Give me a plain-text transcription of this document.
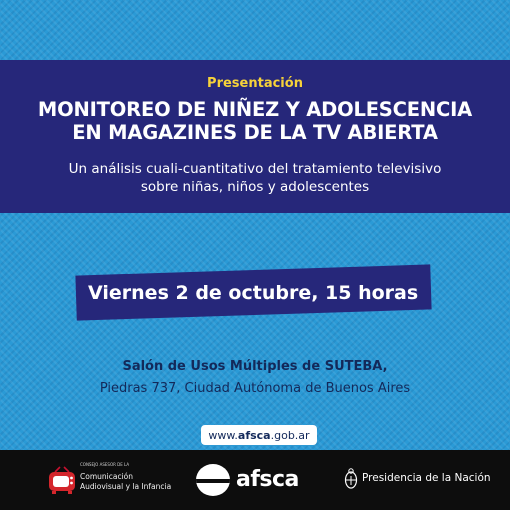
Presentación
MONITOREO DE NIÑEZ Y ADOLESCENCIA
EN MAGAZINES DE LA TV ABIERTA
Un análisis cuali-cuantitativo del tratamiento televisivo
sobre niñas, niños y adolescentes
Viernes 2 de octubre, 15 horas
Salón de Usos Múltiples de SUTEBA,
Piedras 737, Ciudad Autónoma de Buenos Aires
www. afsca .gob.ar
CONSEJO ASESOR DE LA
Comunicación
Audiovisual y la Infancia	afsca	Presidencia de la Nación
